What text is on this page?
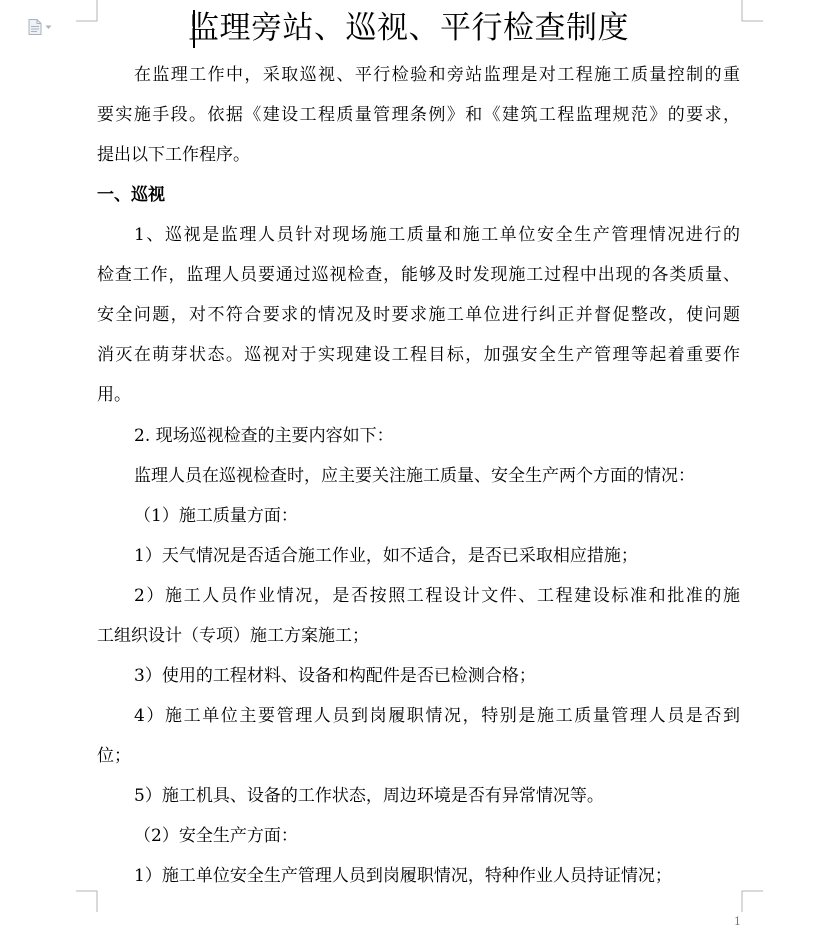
监理旁站、巡视、平行检查制度
在监理工作中，采取巡视、平行检验和旁站监理是对工程施工质量控制的重
要实施手段。依据《建设工程质量管理条例》和《建筑工程监理规范》的要求，
提出以下工作程序。
一、巡视
1、巡视是监理人员针对现场施工质量和施工单位安全生产管理情况进行的
检查工作，监理人员要通过巡视检查，能够及时发现施工过程中出现的各类质量、
安全问题，对不符合要求的情况及时要求施工单位进行纠正并督促整改，使问题
消灭在萌芽状态。巡视对于实现建设工程目标，加强安全生产管理等起着重要作
用。
2. 现场巡视检查的主要内容如下：
监理人员在巡视检查时，应主要关注施工质量、安全生产两个方面的情况：
（1）施工质量方面：
1）天气情况是否适合施工作业，如不适合，是否已采取相应措施；
2）施工人员作业情况，是否按照工程设计文件、工程建设标准和批准的施
工组织设计（专项）施工方案施工；
3）使用的工程材料、设备和构配件是否已检测合格；
4）施工单位主要管理人员到岗履职情况，特别是施工质量管理人员是否到
位；
5）施工机具、设备的工作状态，周边环境是否有异常情况等。
（2）安全生产方面：
1）施工单位安全生产管理人员到岗履职情况，特种作业人员持证情况；
1
